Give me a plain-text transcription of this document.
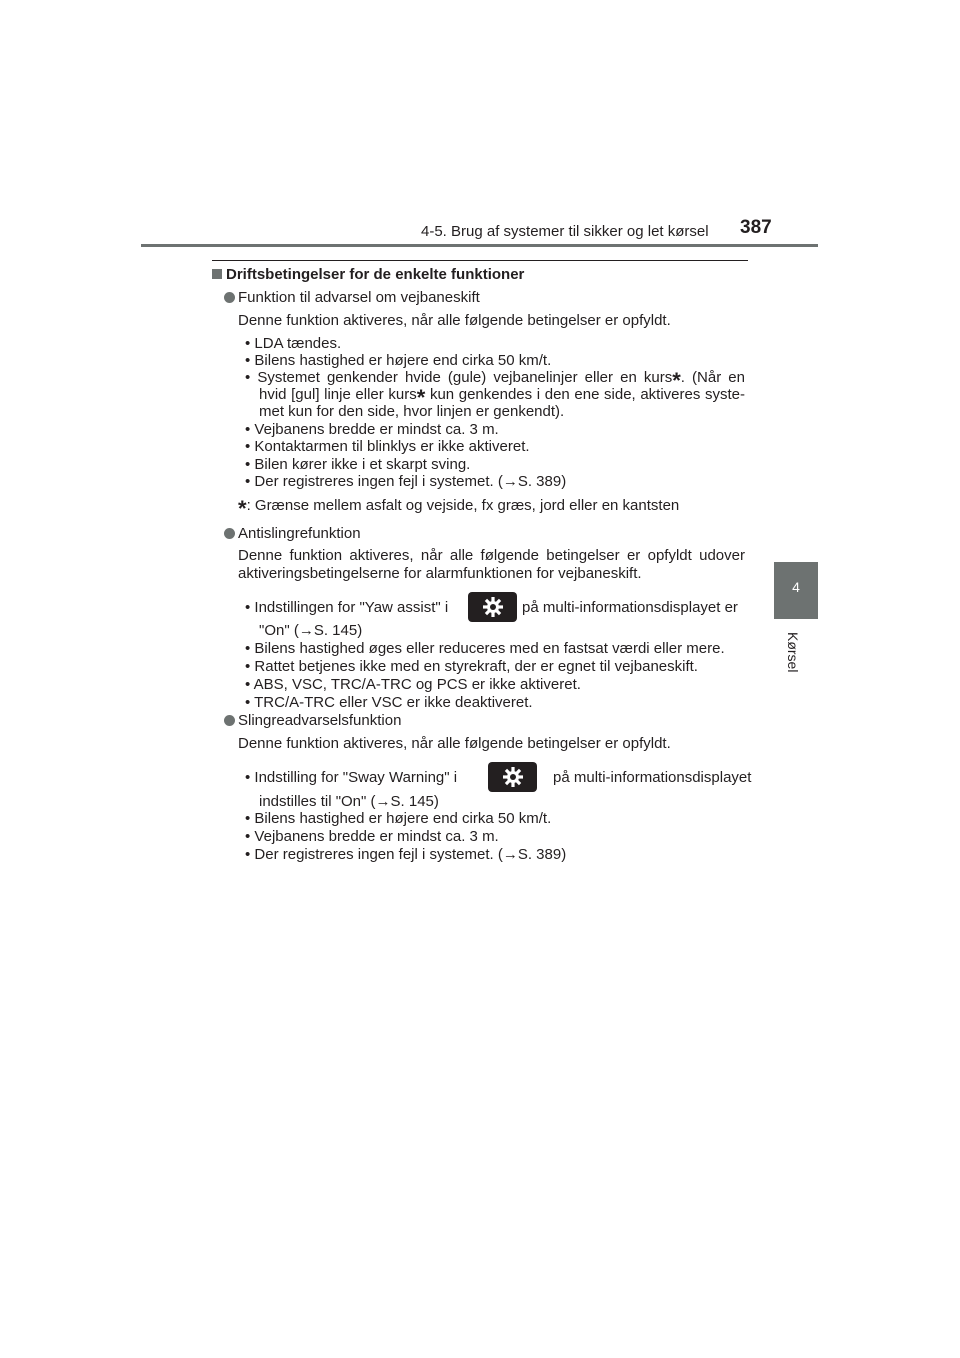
4-5. Brug af systemer til sikker og let kørsel 387
4
Kørsel
Driftsbetingelser for de enkelte funktioner
Funktion til advarsel om vejbaneskift
Denne funktion aktiveres, når alle følgende betingelser er opfyldt.
• LDA tændes.
• Bilens hastighed er højere end cirka 50 km/t.
• Systemet genkender hvide (gule) vejbanelinjer eller en kurs*. (Når en
hvid [gul] linje eller kurs* kun genkendes i den ene side, aktiveres syste-
met kun for den side, hvor linjen er genkendt).
• Vejbanens bredde er mindst ca. 3 m.
• Kontaktarmen til blinklys er ikke aktiveret.
• Bilen kører ikke i et skarpt sving.
• Der registreres ingen fejl i systemet. (→S. 389)
*: Grænse mellem asfalt og vejside, fx græs, jord eller en kantsten
Antislingrefunktion
Denne funktion aktiveres, når alle følgende betingelser er opfyldt udover
aktiveringsbetingelserne for alarmfunktionen for vejbaneskift.
• Indstillingen for "Yaw assist" i	på multi-informationsdisplayet er
"On" (→S. 145)
• Bilens hastighed øges eller reduceres med en fastsat værdi eller mere.
• Rattet betjenes ikke med en styrekraft, der er egnet til vejbaneskift.
• ABS, VSC, TRC/A-TRC og PCS er ikke aktiveret.
• TRC/A-TRC eller VSC er ikke deaktiveret.
Slingreadvarselsfunktion
Denne funktion aktiveres, når alle følgende betingelser er opfyldt.
• Indstilling for "Sway Warning" i	på multi-informationsdisplayet
indstilles til "On" (→S. 145)
• Bilens hastighed er højere end cirka 50 km/t.
• Vejbanens bredde er mindst ca. 3 m.
• Der registreres ingen fejl i systemet. (→S. 389)
